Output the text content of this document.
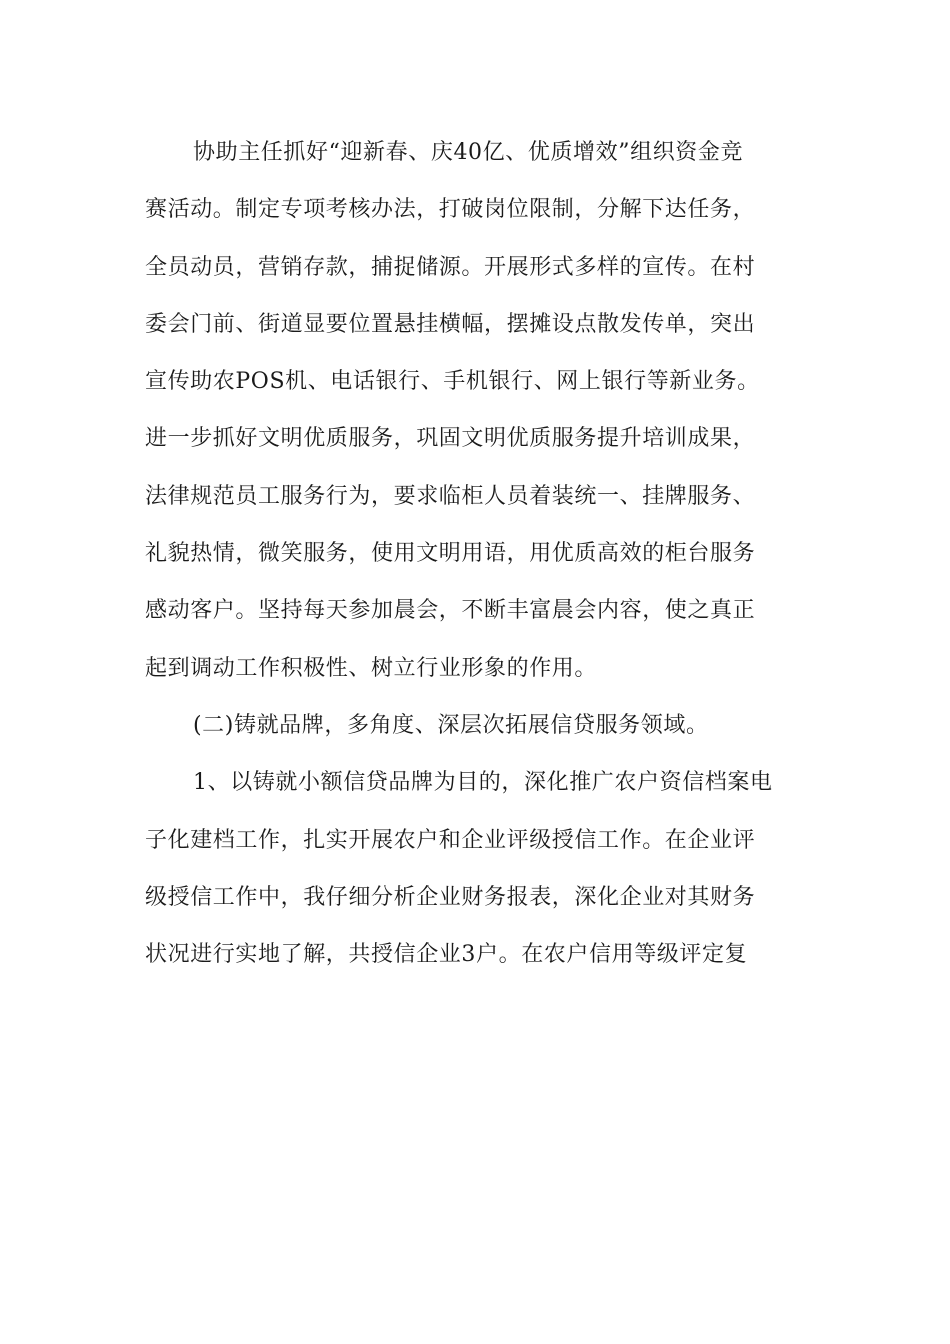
协助主任抓好“迎新春、庆40亿、优质增效”组织资金竞
赛活动。制定专项考核办法，打破岗位限制，分解下达任务，
全员动员，营销存款，捕捉储源。开展形式多样的宣传。在村
委会门前、街道显要位置悬挂横幅，摆摊设点散发传单，突出
宣传助农POS机、电话银行、手机银行、网上银行等新业务。
进一步抓好文明优质服务，巩固文明优质服务提升培训成果，
法律规范员工服务行为，要求临柜人员着装统一、挂牌服务、
礼貌热情，微笑服务，使用文明用语，用优质高效的柜台服务
感动客户。坚持每天参加晨会，不断丰富晨会内容，使之真正
起到调动工作积极性、树立行业形象的作用。
(二)铸就品牌，多角度、深层次拓展信贷服务领域。
1、以铸就小额信贷品牌为目的，深化推广农户资信档案电
子化建档工作，扎实开展农户和企业评级授信工作。在企业评
级授信工作中，我仔细分析企业财务报表，深化企业对其财务
状况进行实地了解，共授信企业3户。在农户信用等级评定复
